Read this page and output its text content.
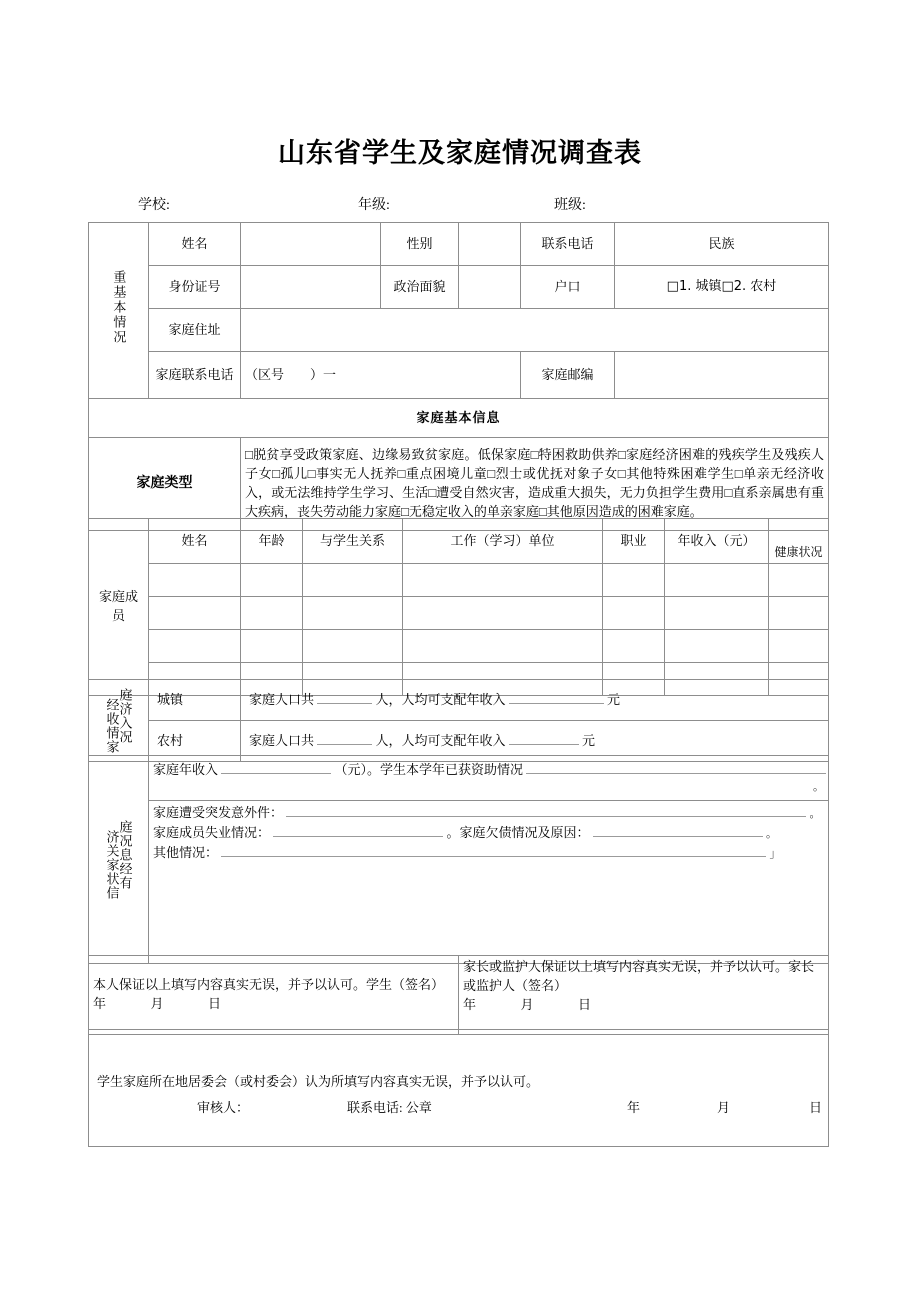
山东省学生及家庭情况调查表
学校:	年级:	班级:
重基本情况	姓名		性别		联系电话	民族
	身份证号		政治面貌		户口	□1. 城镇□2. 农村
	家庭住址					
	家庭联系电话	（区号　　）一			家庭邮编	
家庭基本信息						
家庭类型		□脱贫享受政策家庭、边缘易致贫家庭。低保家庭□特困救助供养□家庭经济困难的残疾学生及残疾人子女□孤儿□事实无人抚养□重点困境儿童□烈士或优抚对象子女□其他特殊困难学生□单亲无经济收入，或无法维持学生学习、生活□遭受自然灾害，造成重大损失，无力负担学生费用□直系亲属患有重大疾病，丧失劳动能力家庭□无稳定收入的单亲家庭□其他原因造成的困难家庭。				
家庭成员	姓名	年龄	与学生关系	工作（学习）单位	职业	年收入（元）	健康状况

经收情家
庭济入况	城镇	家庭人口共 人，人均可支配年收入 元
	农村	家庭人口共 人，人均可支配年收入 元
济关家状信
庭况息经有

家庭年收入	（元）。学生本学年已获资助情况
。

家庭遭受突发意外件：	。
家庭成员失业情况：	。家庭欠债情况及原因：	。
其他情况：	」
本人保证以上填写内容真实无误，并予以认可。学生（签名）
年	月	日

家长或监护人保证以上填写内容真实无误，并予以认可。家长或监护人（签名）
年	月	日
学生家庭所在地居委会（或村委会）认为所填写内容真实无误，并予以认可。
审核人：	联系电话: 公章	年	月	日
